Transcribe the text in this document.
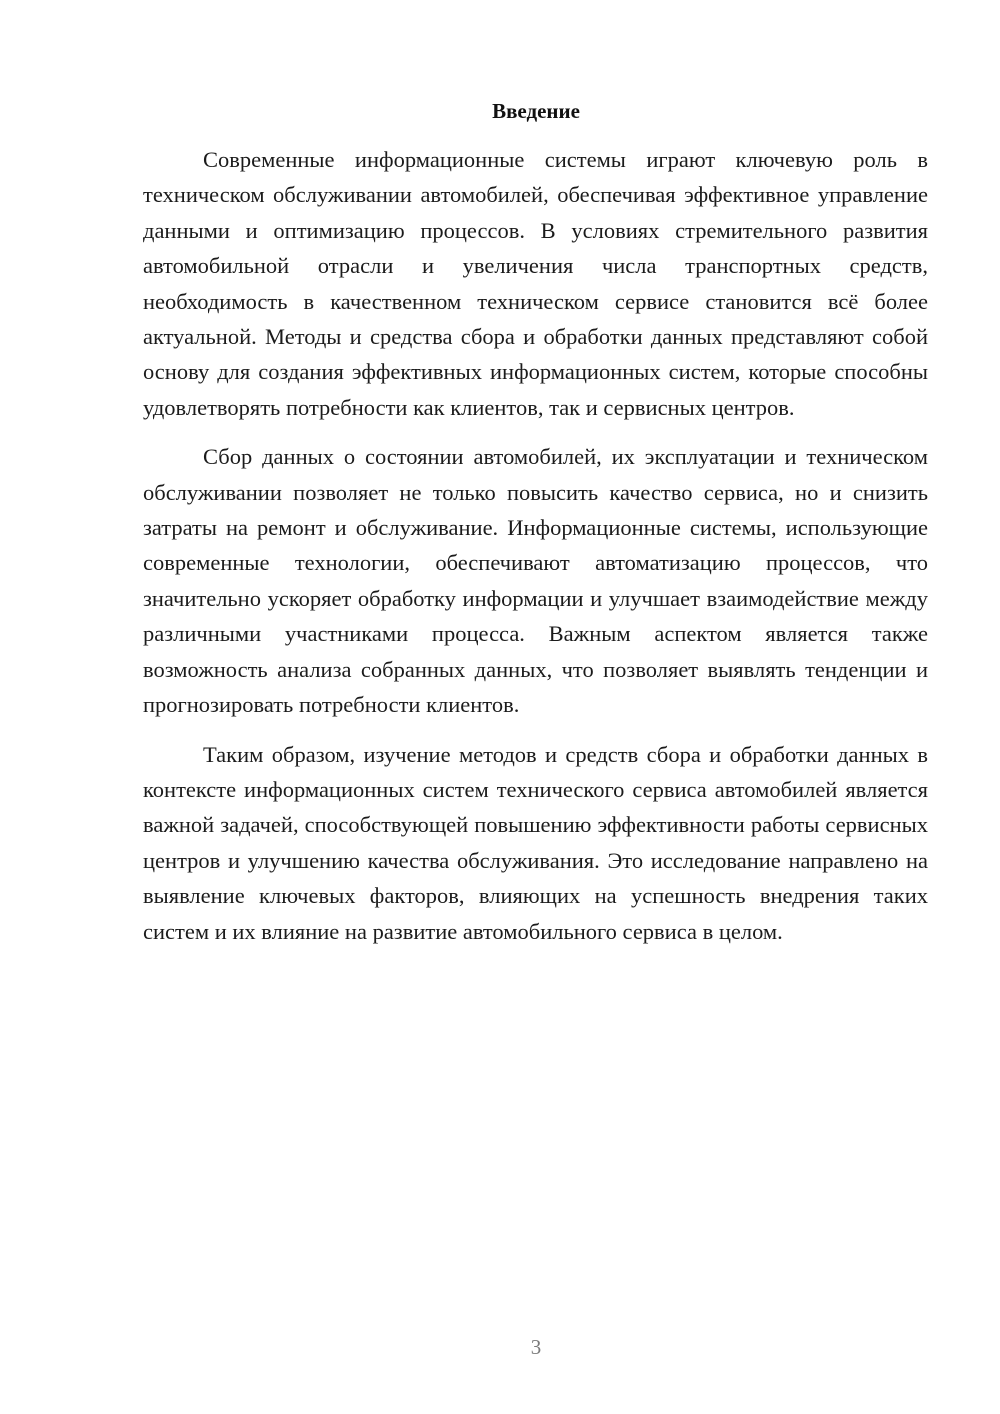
Введение

Современные информационные системы играют ключевую роль в техническом обслуживании автомобилей, обеспечивая эффективное управление данными и оптимизацию процессов. В условиях стремительного развития автомобильной отрасли и увеличения числа транспортных средств, необходимость в качественном техническом сервисе становится всё более актуальной. Методы и средства сбора и обработки данных представляют собой основу для создания эффективных информационных систем, которые способны удовлетворять потребности как клиентов, так и сервисных центров.

Сбор данных о состоянии автомобилей, их эксплуатации и техническом обслуживании позволяет не только повысить качество сервиса, но и снизить затраты на ремонт и обслуживание. Информационные системы, использующие современные технологии, обеспечивают автоматизацию процессов, что значительно ускоряет обработку информации и улучшает взаимодействие между различными участниками процесса. Важным аспектом является также возможность анализа собранных данных, что позволяет выявлять тенденции и прогнозировать потребности клиентов.

Таким образом, изучение методов и средств сбора и обработки данных в контексте информационных систем технического сервиса автомобилей является важной задачей, способствующей повышению эффективности работы сервисных центров и улучшению качества обслуживания. Это исследование направлено на выявление ключевых факторов, влияющих на успешность внедрения таких систем и их влияние на развитие автомобильного сервиса в целом.

3
